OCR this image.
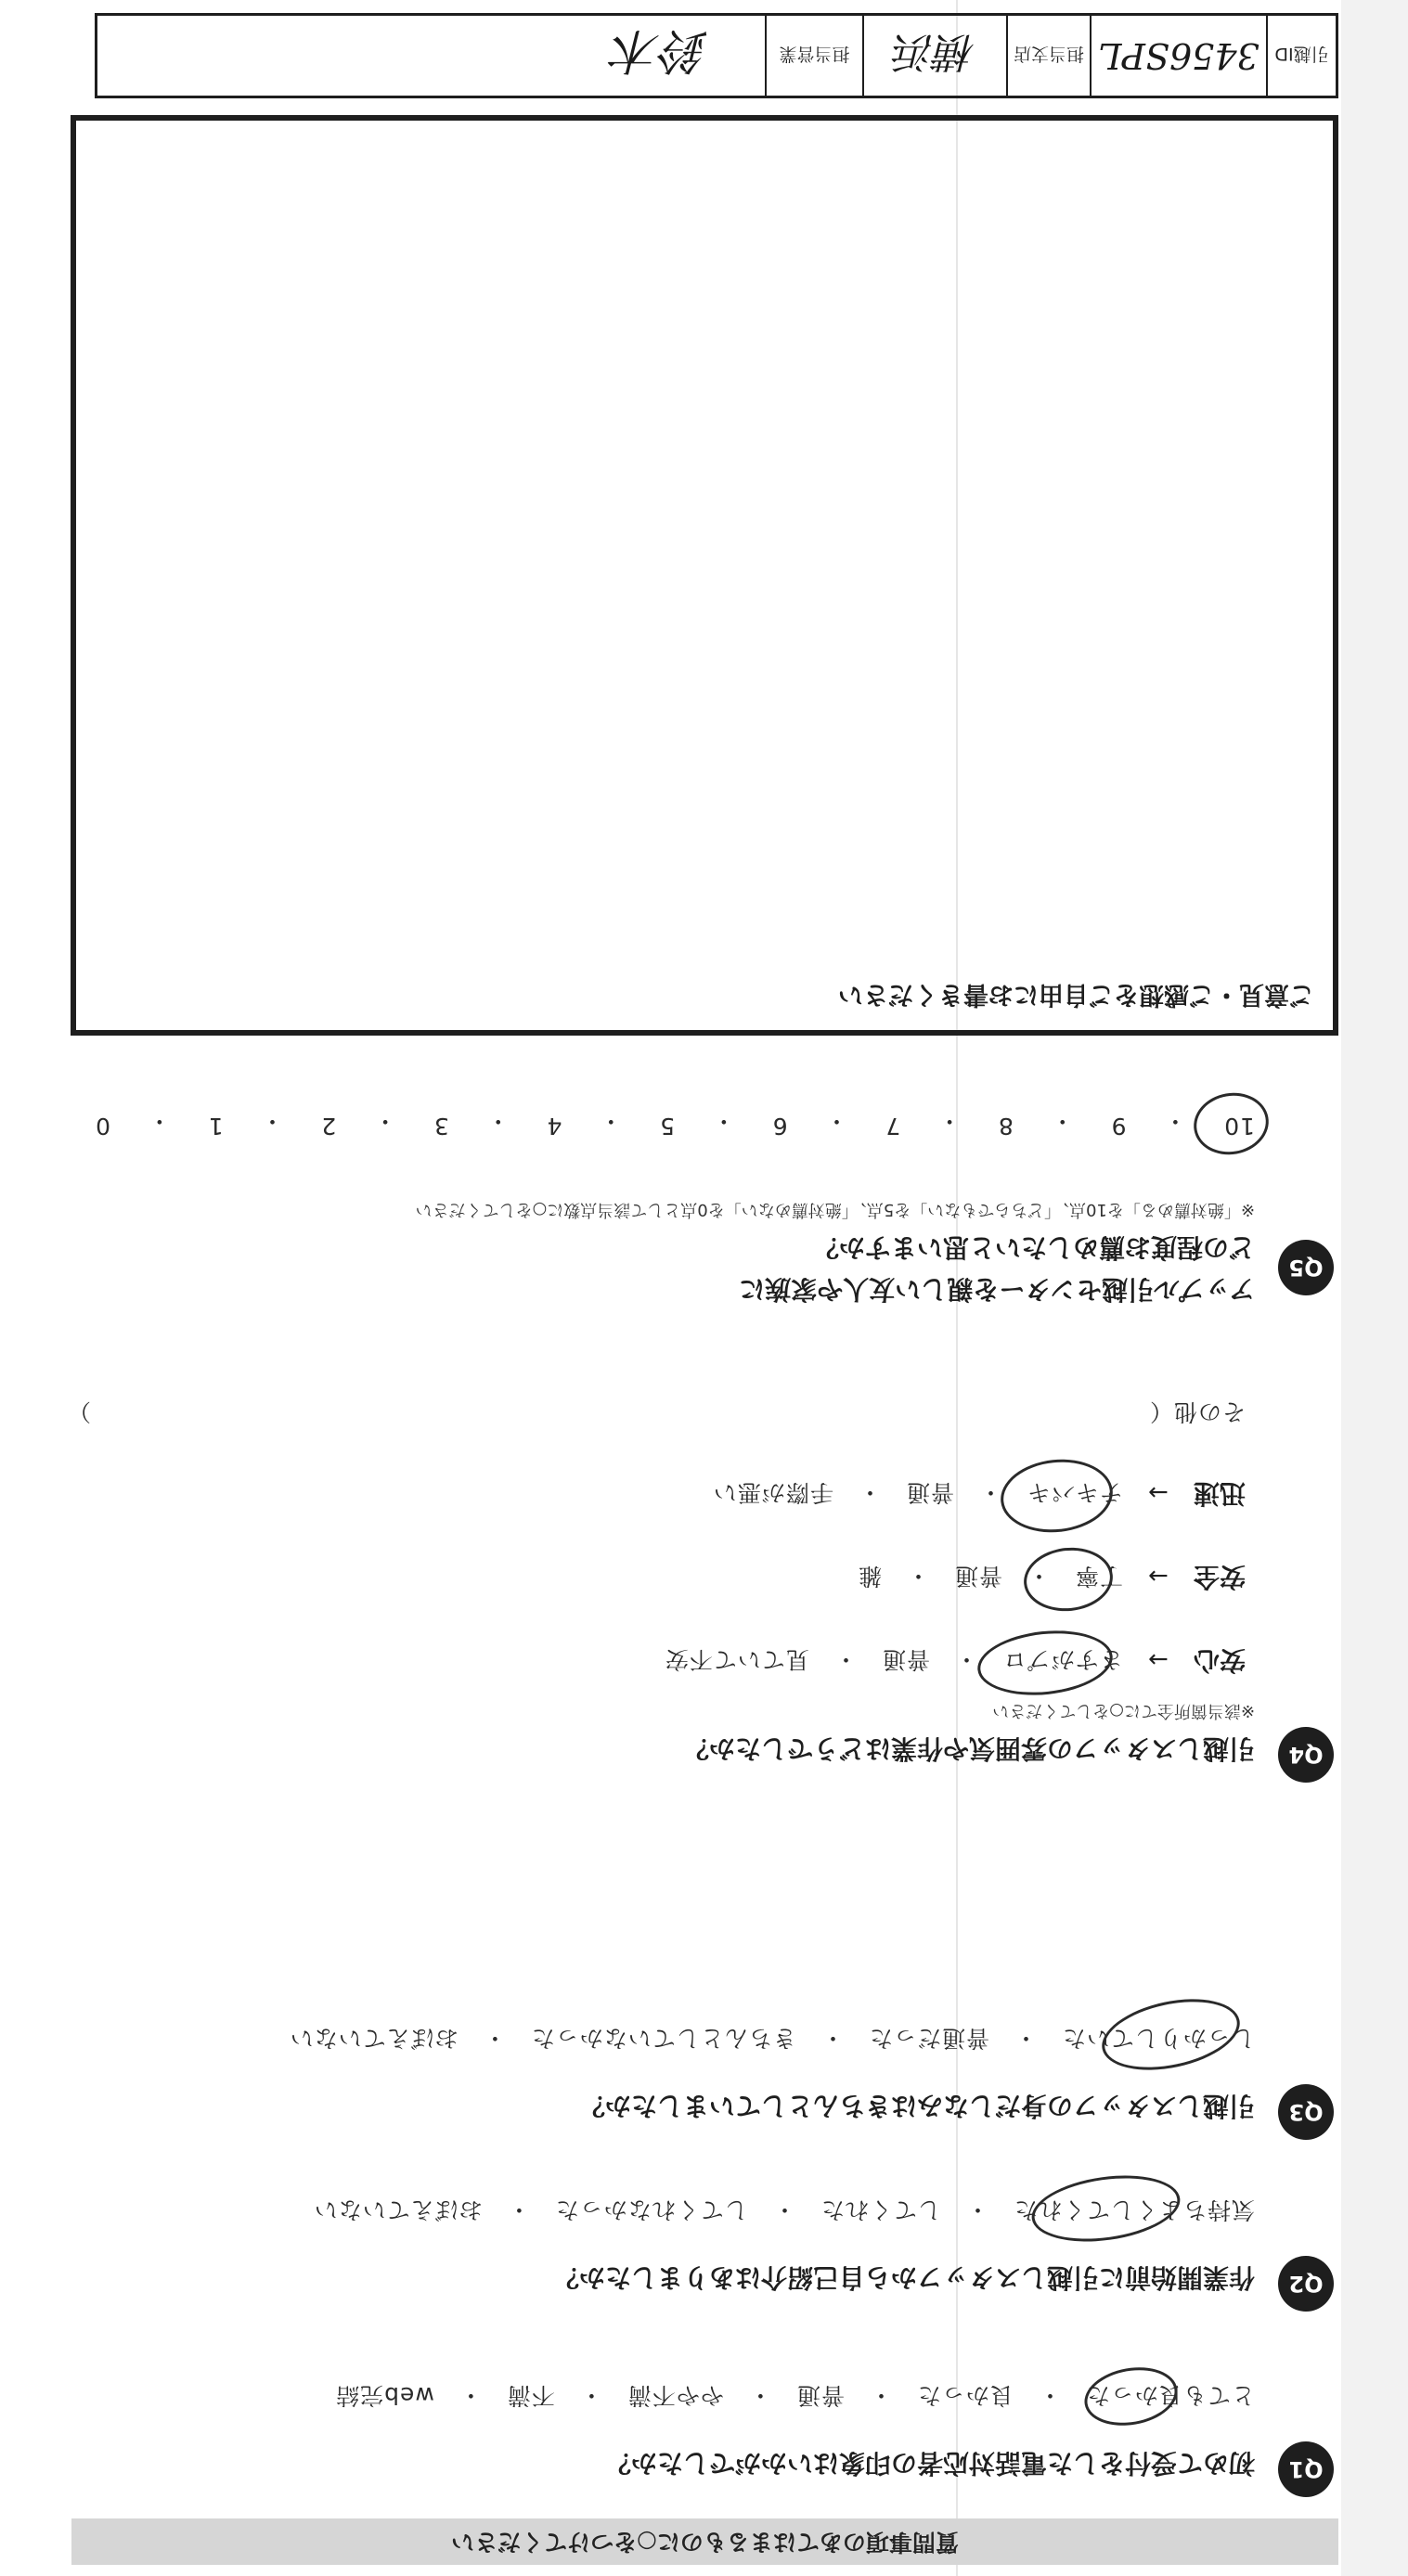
質問事項のあてはまるものに○をつけてください
Q1
初めて受付をした電話対応者の印象はいかがでしたか？
とても良かった　・　良かった　・　普通　・　やや不満　・　不満　・　web完結
Q2
作業開始前に引越しスタッフから自己紹介はありましたか？
気持ちよくしてくれた　・　してくれた　・　してくれなかった　・　おぼえていない
Q3
引越しスタッフの身だしなみはきちんとしていましたか？
しっかりしていた　・　普通だった　・　きちんとしていなかった　・　おぼえていない
Q4
引越しスタッフの雰囲気や作業はどうでしたか？
※該当箇所全てに○をしてください
安心 → さすがプロ　・　普通　・　見ていて不安
安全 → 丁寧　・　普通　・　雑
迅速 → テキパキ　・　普通　・　手際が悪い
その他（
）
Q5
アップル引越センターを親しい友人や家族に
どの程度お薦めしたいと思いますか？
※「絶対薦める」を10点、「どちらでもない」を5点、「絶対薦めない」を0点として該当点数に○をしてください
10
・
9
・
8
・
7
・
6
・
5
・
4
・
3
・
2
・
1
・
0
ご意見・ご感想をご自由にお書きください
引越ID
3456SPL
担当支店
横浜
担当営業
鈴木
